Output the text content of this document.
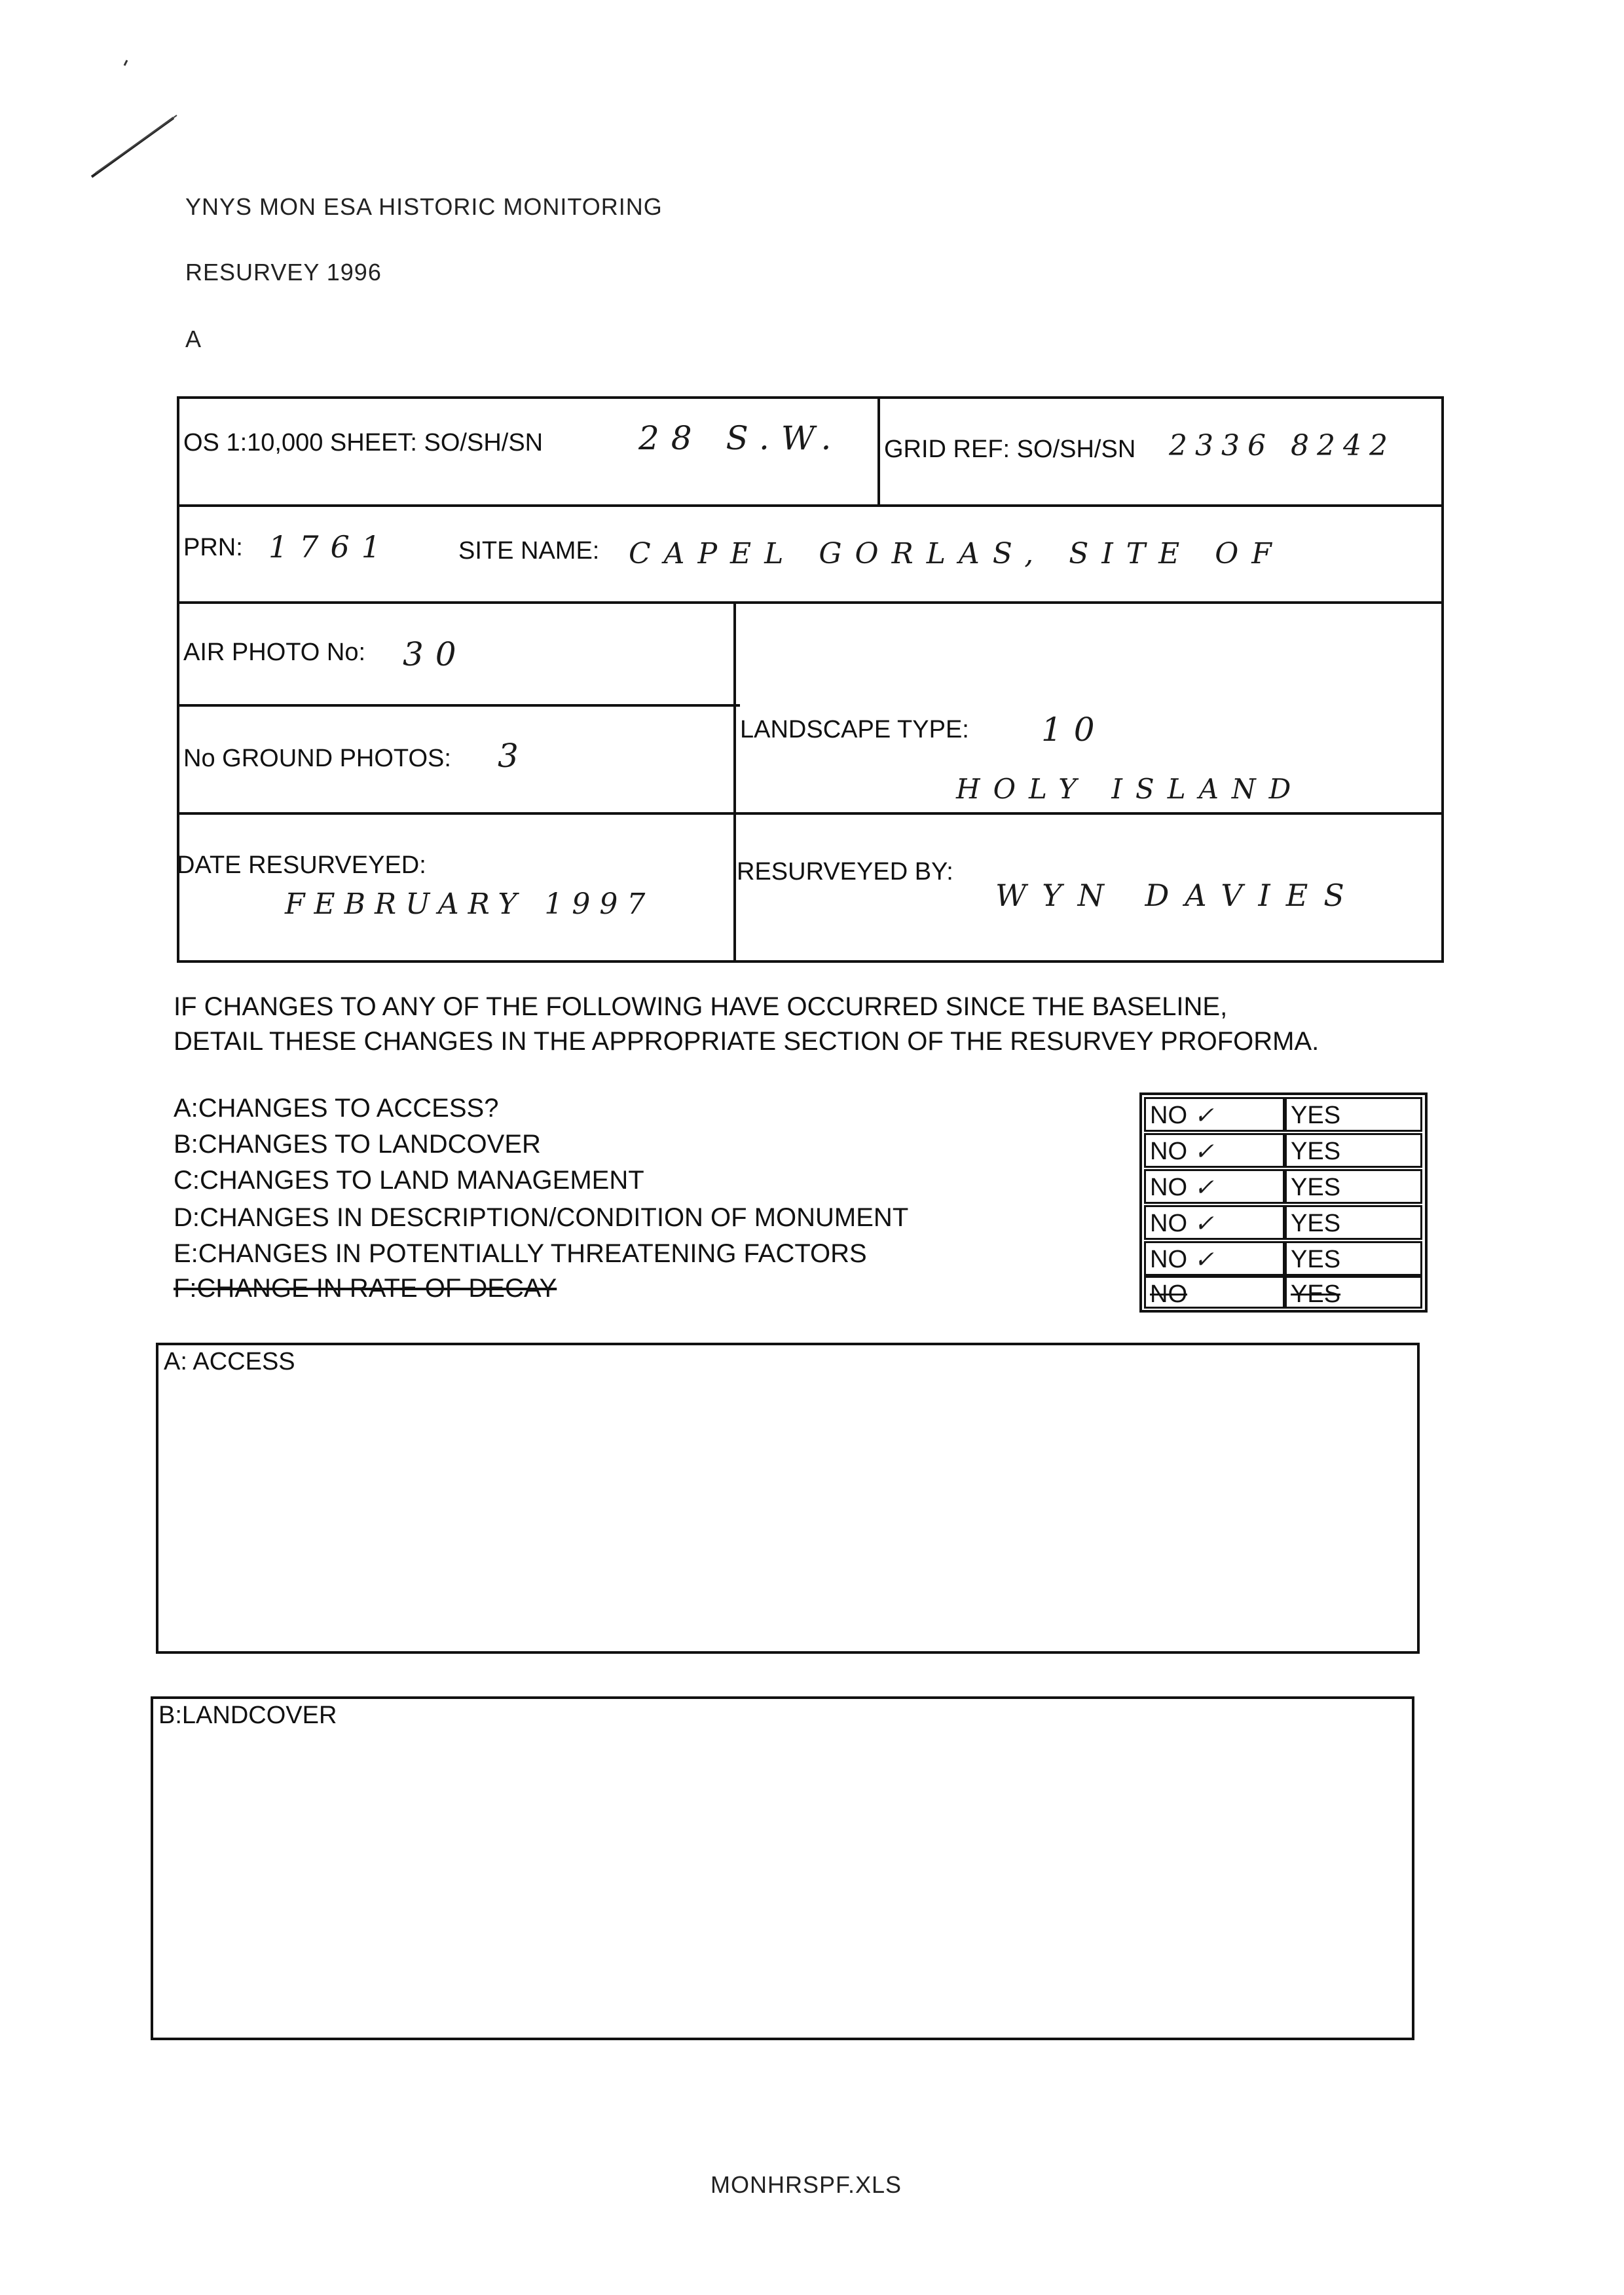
YNYS MON ESA HISTORIC MONITORING
RESURVEY 1996
A
OS 1:10,000 SHEET: SO/SH/SN	28 S.W. GRID REF: SO/SH/SN 2336 8242
PRN: 1761	SITE NAME: CAPEL GORLAS, SITE OF
AIR PHOTO No: 30
No GROUND PHOTOS: 3
LANDSCAPE TYPE: 10
HOLY ISLAND
DATE RESURVEYED:
FEBRUARY 1997
RESURVEYED BY:
WYN DAVIES
IF CHANGES TO ANY OF THE FOLLOWING HAVE OCCURRED SINCE THE BASELINE,
DETAIL THESE CHANGES IN THE APPROPRIATE SECTION OF THE RESURVEY PROFORMA.
A:CHANGES TO ACCESS?
B:CHANGES TO LANDCOVER
C:CHANGES TO LAND MANAGEMENT
D:CHANGES IN DESCRIPTION/CONDITION OF MONUMENT
E:CHANGES IN POTENTIALLY THREATENING FACTORS
F:CHANGE IN RATE OF DECAY
NO ✓	YES
NO ✓	YES
NO ✓	YES
NO ✓	YES
NO ✓	YES
NO	YES
A: ACCESS
B:LANDCOVER
MONHRSPF.XLS
